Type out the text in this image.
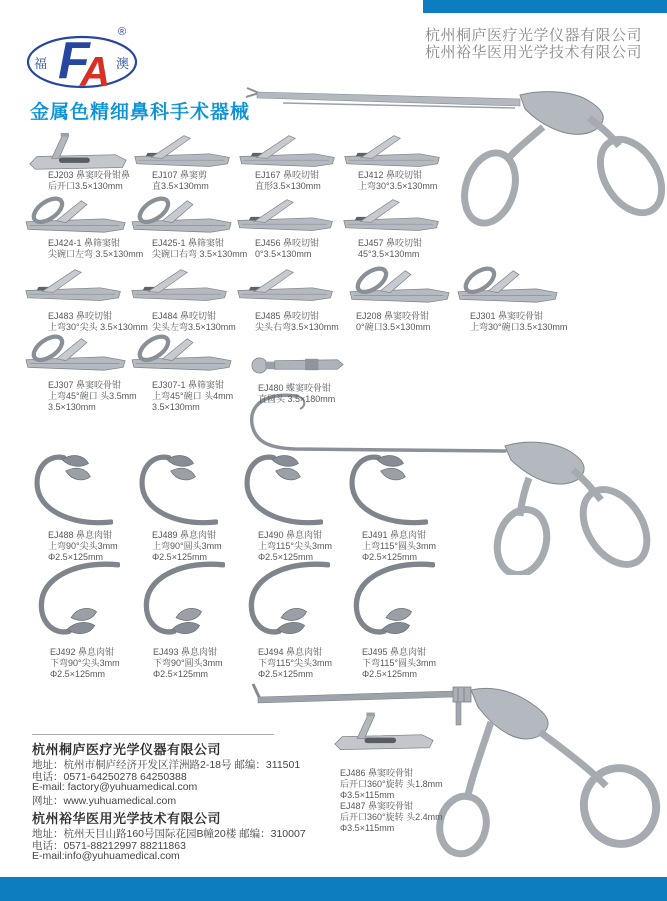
福	澳
F
A
®	杭州桐庐医疗光学仪器有限公司
杭州裕华医用光学技术有限公司
金属色精细鼻科手术器械
EJ203 鼻窦咬骨钳鼻
后开口3.5×130mm
EJ107 鼻窦剪
直3.5×130mm
EJ167 鼻咬切钳
直形3.5×130mm
EJ412 鼻咬切钳
上弯30°3.5×130mm
EJ424-1 鼻筛窦钳
尖碗口左弯 3.5×130mm
EJ425-1 鼻筛窦钳
尖碗口右弯 3.5×130mm
EJ456 鼻咬切钳
0°3.5×130mm
EJ457 鼻咬切钳
45°3.5×130mm
EJ483 鼻咬切钳
上弯30°尖头 3.5×130mm
EJ484 鼻咬切钳
尖头左弯3.5×130mm
EJ485 鼻咬切钳
尖头右弯3.5×130mm
EJ208 鼻窦咬骨钳
0°碗口3.5×130mm
EJ301 鼻窦咬骨钳
上弯30°碗口3.5×130mm
EJ307 鼻窦咬骨钳
上弯45°碗口 头3.5mm
3.5×130mm
EJ307-1 鼻筛窦钳
上弯45°碗口 头4mm
3.5×130mm
EJ480 蝶窦咬骨钳
直圆头 3.5×180mm
EJ488 鼻息肉钳
上弯90°尖头3mm
Φ2.5×125mm
EJ489 鼻息肉钳
上弯90°圆头3mm
Φ2.5×125mm
EJ490 鼻息肉钳
上弯115°尖头3mm
Φ2.5×125mm
EJ491 鼻息肉钳
上弯115°圆头3mm
Φ2.5×125mm
EJ492 鼻息肉钳
下弯90°尖头3mm
Φ2.5×125mm
EJ493 鼻息肉钳
下弯90°圆头3mm
Φ2.5×125mm
EJ494 鼻息肉钳
下弯115°尖头3mm
Φ2.5×125mm
EJ495 鼻息肉钳
下弯115°圆头3mm
Φ2.5×125mm
EJ486 鼻窦咬骨钳
后开口360°旋转 头1.8mm
Φ3.5×115mm
EJ487 鼻窦咬骨钳
后开口360°旋转 头2.4mm
Φ3.5×115mm
杭州桐庐医疗光学仪器有限公司
地址：杭州市桐庐经济开发区洋洲路2-18号 邮编：311501
电话：0571-64250278 64250388
E-mail: factory@yuhuamedical.com
网址：www.yuhuamedical.com
杭州裕华医用光学技术有限公司
地址：杭州天目山路160号国际花园B幢20楼 邮编：310007
电话：0571-88212997 88211863
E-mail:info@yuhuamedical.com
